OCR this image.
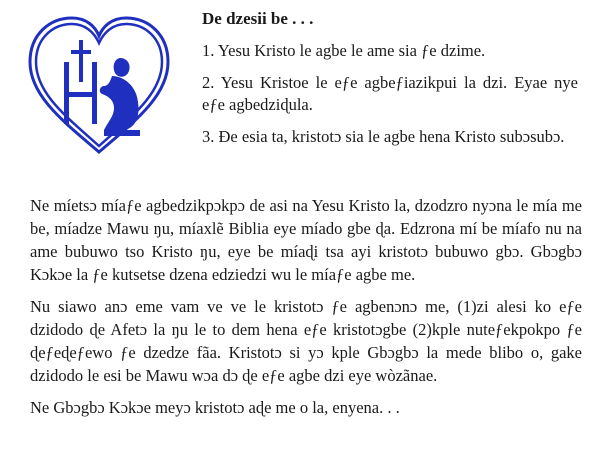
De dzesii be . . .
1. Yesu Kristo le agbe le ame sia ƒe dzime.
2. Yesu Kristoe le eƒe agbeƒiazikpui la dzi. Eyae nye eƒe agbedziɖula.
3. Ɖe esia ta, kristotɔ sia le agbe hena Kristo subɔsubɔ.

Ne míetsɔ míaƒe agbedzikpɔkpɔ de asi na Yesu Kristo la, dzodzro nyɔna le mía me be, míadze Mawu ŋu, míaxlẽ Biblia eye míado gbe ɖa. Edzrona mí be míafo nu na ame bubuwo tso Kristo ŋu, eye be míaɖi tsa ayi kristotɔ bubuwo gbɔ. Gbɔgbɔ Kɔkɔe la ƒe kutsetse dzena edziedzi wu le míaƒe agbe me.

Nu siawo anɔ eme vam ve ve le kristotɔ ƒe agbenɔnɔ me, (1)zi alesi ko eƒe dzidodo ɖe Afetɔ la ŋu le to dem hena eƒe kristotɔgbe (2)kple nuteƒekpokpo ƒe ɖeƒeɖeƒewo ƒe dzedze fãa. Kristotɔ si yɔ kple Gbɔgbɔ la mede blibo o, gake dzidodo le esi be Mawu wɔa dɔ ɖe eƒe agbe dzi eye wòzãnae.

Ne Gbɔgbɔ Kɔkɔe meyɔ kristotɔ aɖe me o la, enyena. . .
